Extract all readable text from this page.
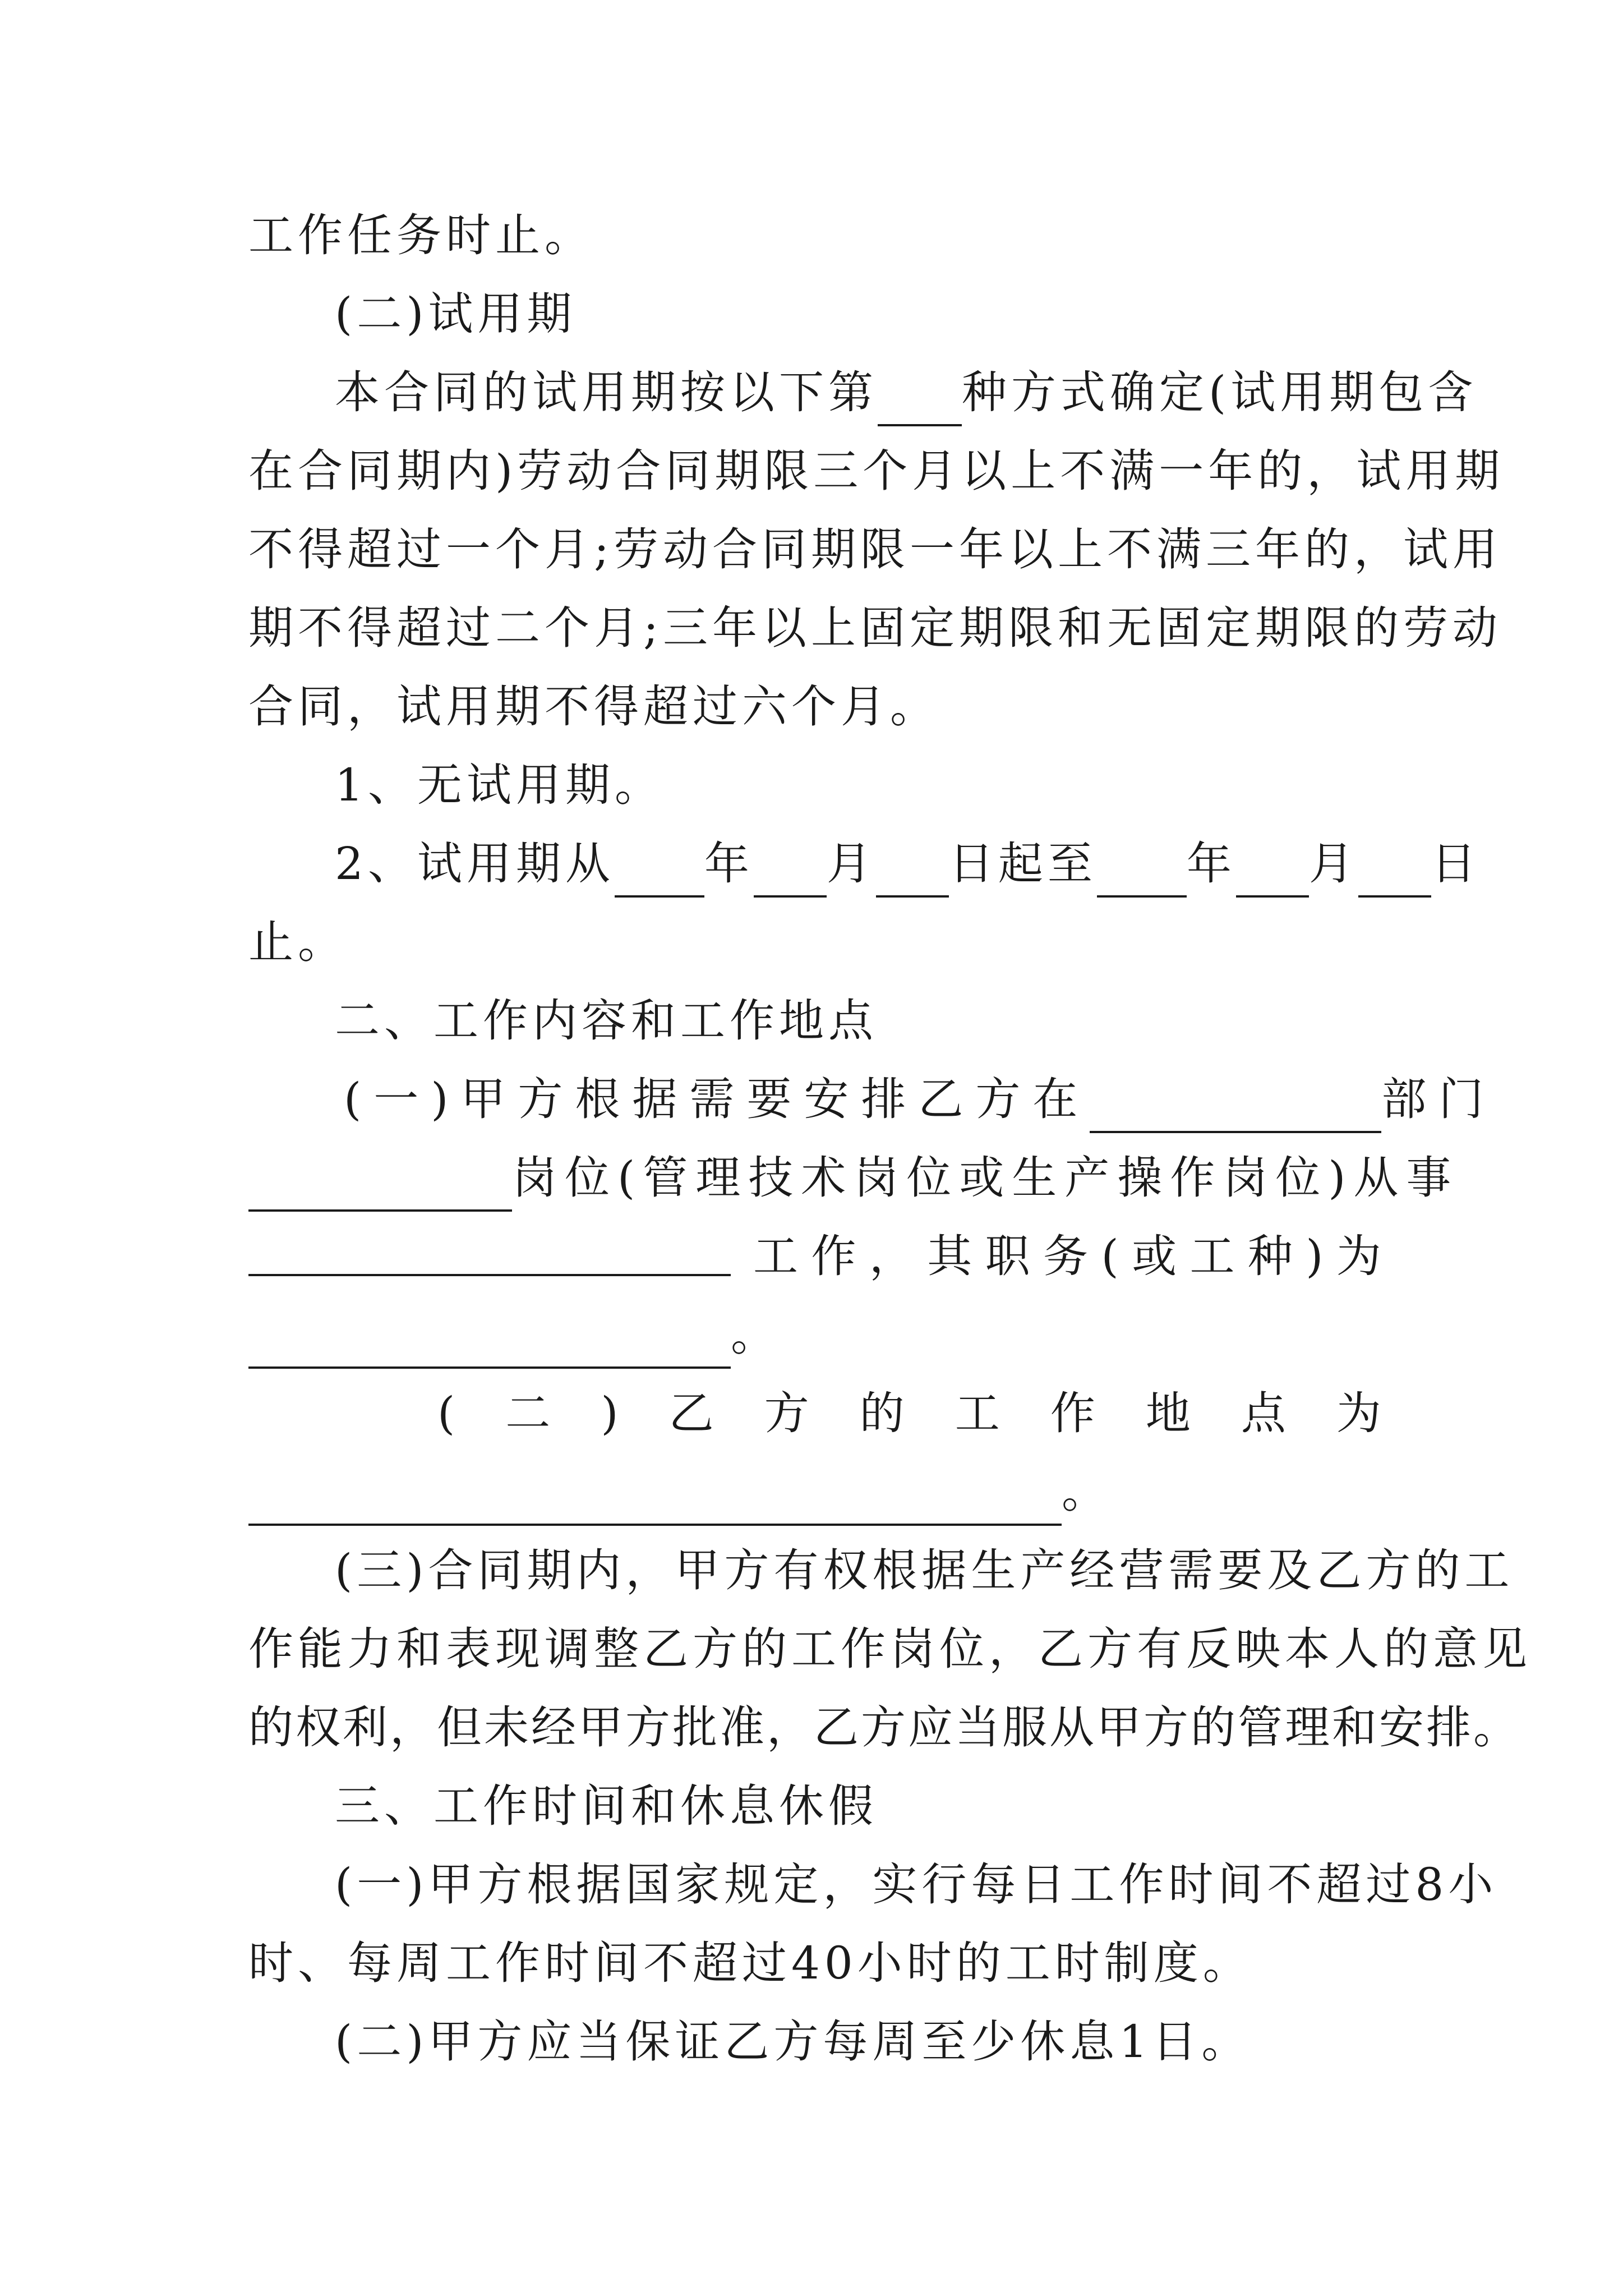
工作任务时止。
(二)试用期
本合同的试用期按以下第 种方式确定(试用期包含
在合同期内)劳动合同期限三个月以上不满一年的，试用期
不得超过一个月;劳动合同期限一年以上不满三年的，试用
期不得超过二个月;三年以上固定期限和无固定期限的劳动
合同，试用期不得超过六个月。
1、无试用期。
2、试用期从 年 月 日起至 年 月 日
止。
二、工作内容和工作地点
(一)甲方根据需要安排乙方在	部门
岗位(管理技术岗位或生产操作岗位)从事
工 作 ， 其 职 务 ( 或 工 种 ) 为
。
( 二 ) 乙 方 的 工 作 地 点 为
。
(三)合同期内，甲方有权根据生产经营需要及乙方的工
作能力和表现调整乙方的工作岗位，乙方有反映本人的意见
的权利，但未经甲方批准，乙方应当服从甲方的管理和安排。
三、工作时间和休息休假
(一)甲方根据国家规定，实行每日工作时间不超过8小
时、每周工作时间不超过40小时的工时制度。
(二)甲方应当保证乙方每周至少休息1日。
